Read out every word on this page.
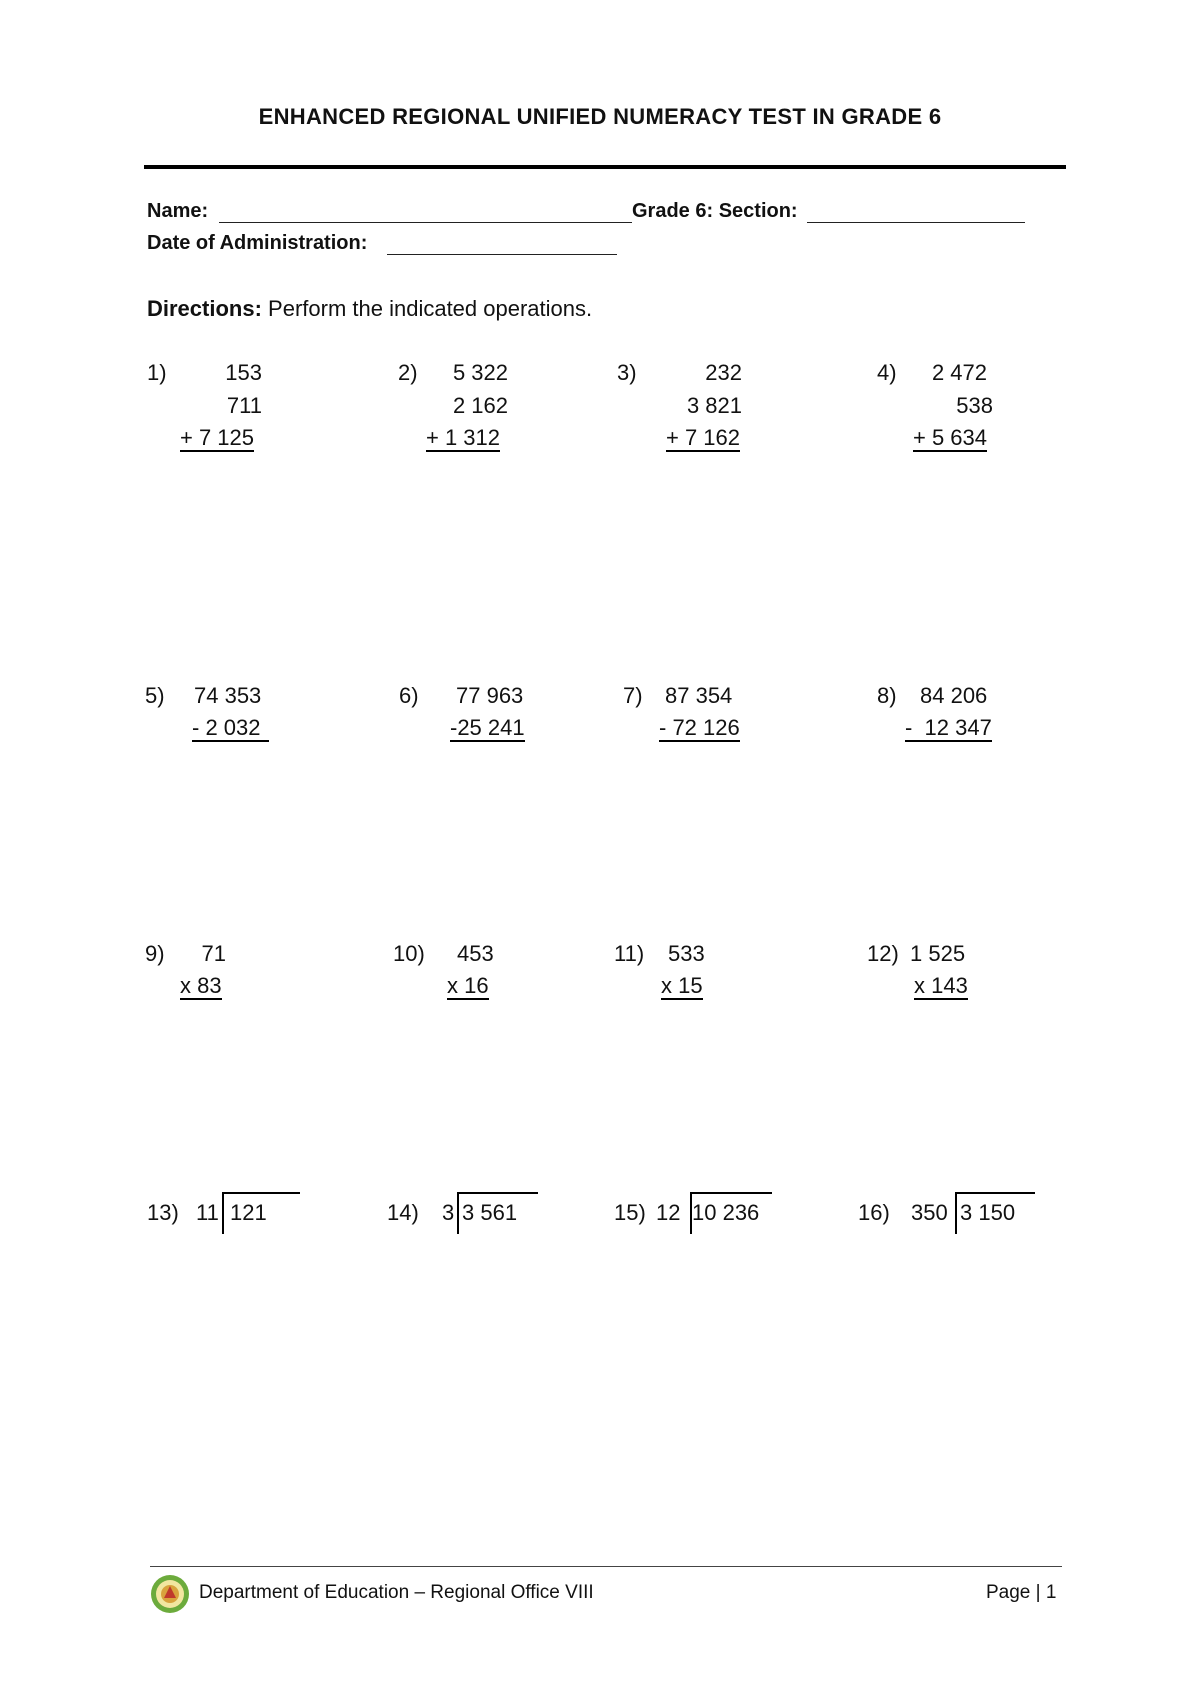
ENHANCED REGIONAL UNIFIED NUMERACY TEST IN GRADE 6
Name:	Grade 6: Section:
Date of Administration:
Directions: Perform the indicated operations.
1)	153
711
+ 7 125
2)	5 322
2 162
+ 1 312
3)	232
3 821
+ 7 162
4)	2 472
538
+ 5 634
5) 74 353
- 2 032
6) 77 963
-25 241
7) 87 354
- 72 126
8) 84 206
-  12 347
9)	71
x 83
10) 453
x 16
11) 533
x 15
12) 1 525
x 143
13) 11 121	14) 3 3 561	15) 12 10 236	16) 350 3 150
Department of Education – Regional Office VIII	Page | 1
